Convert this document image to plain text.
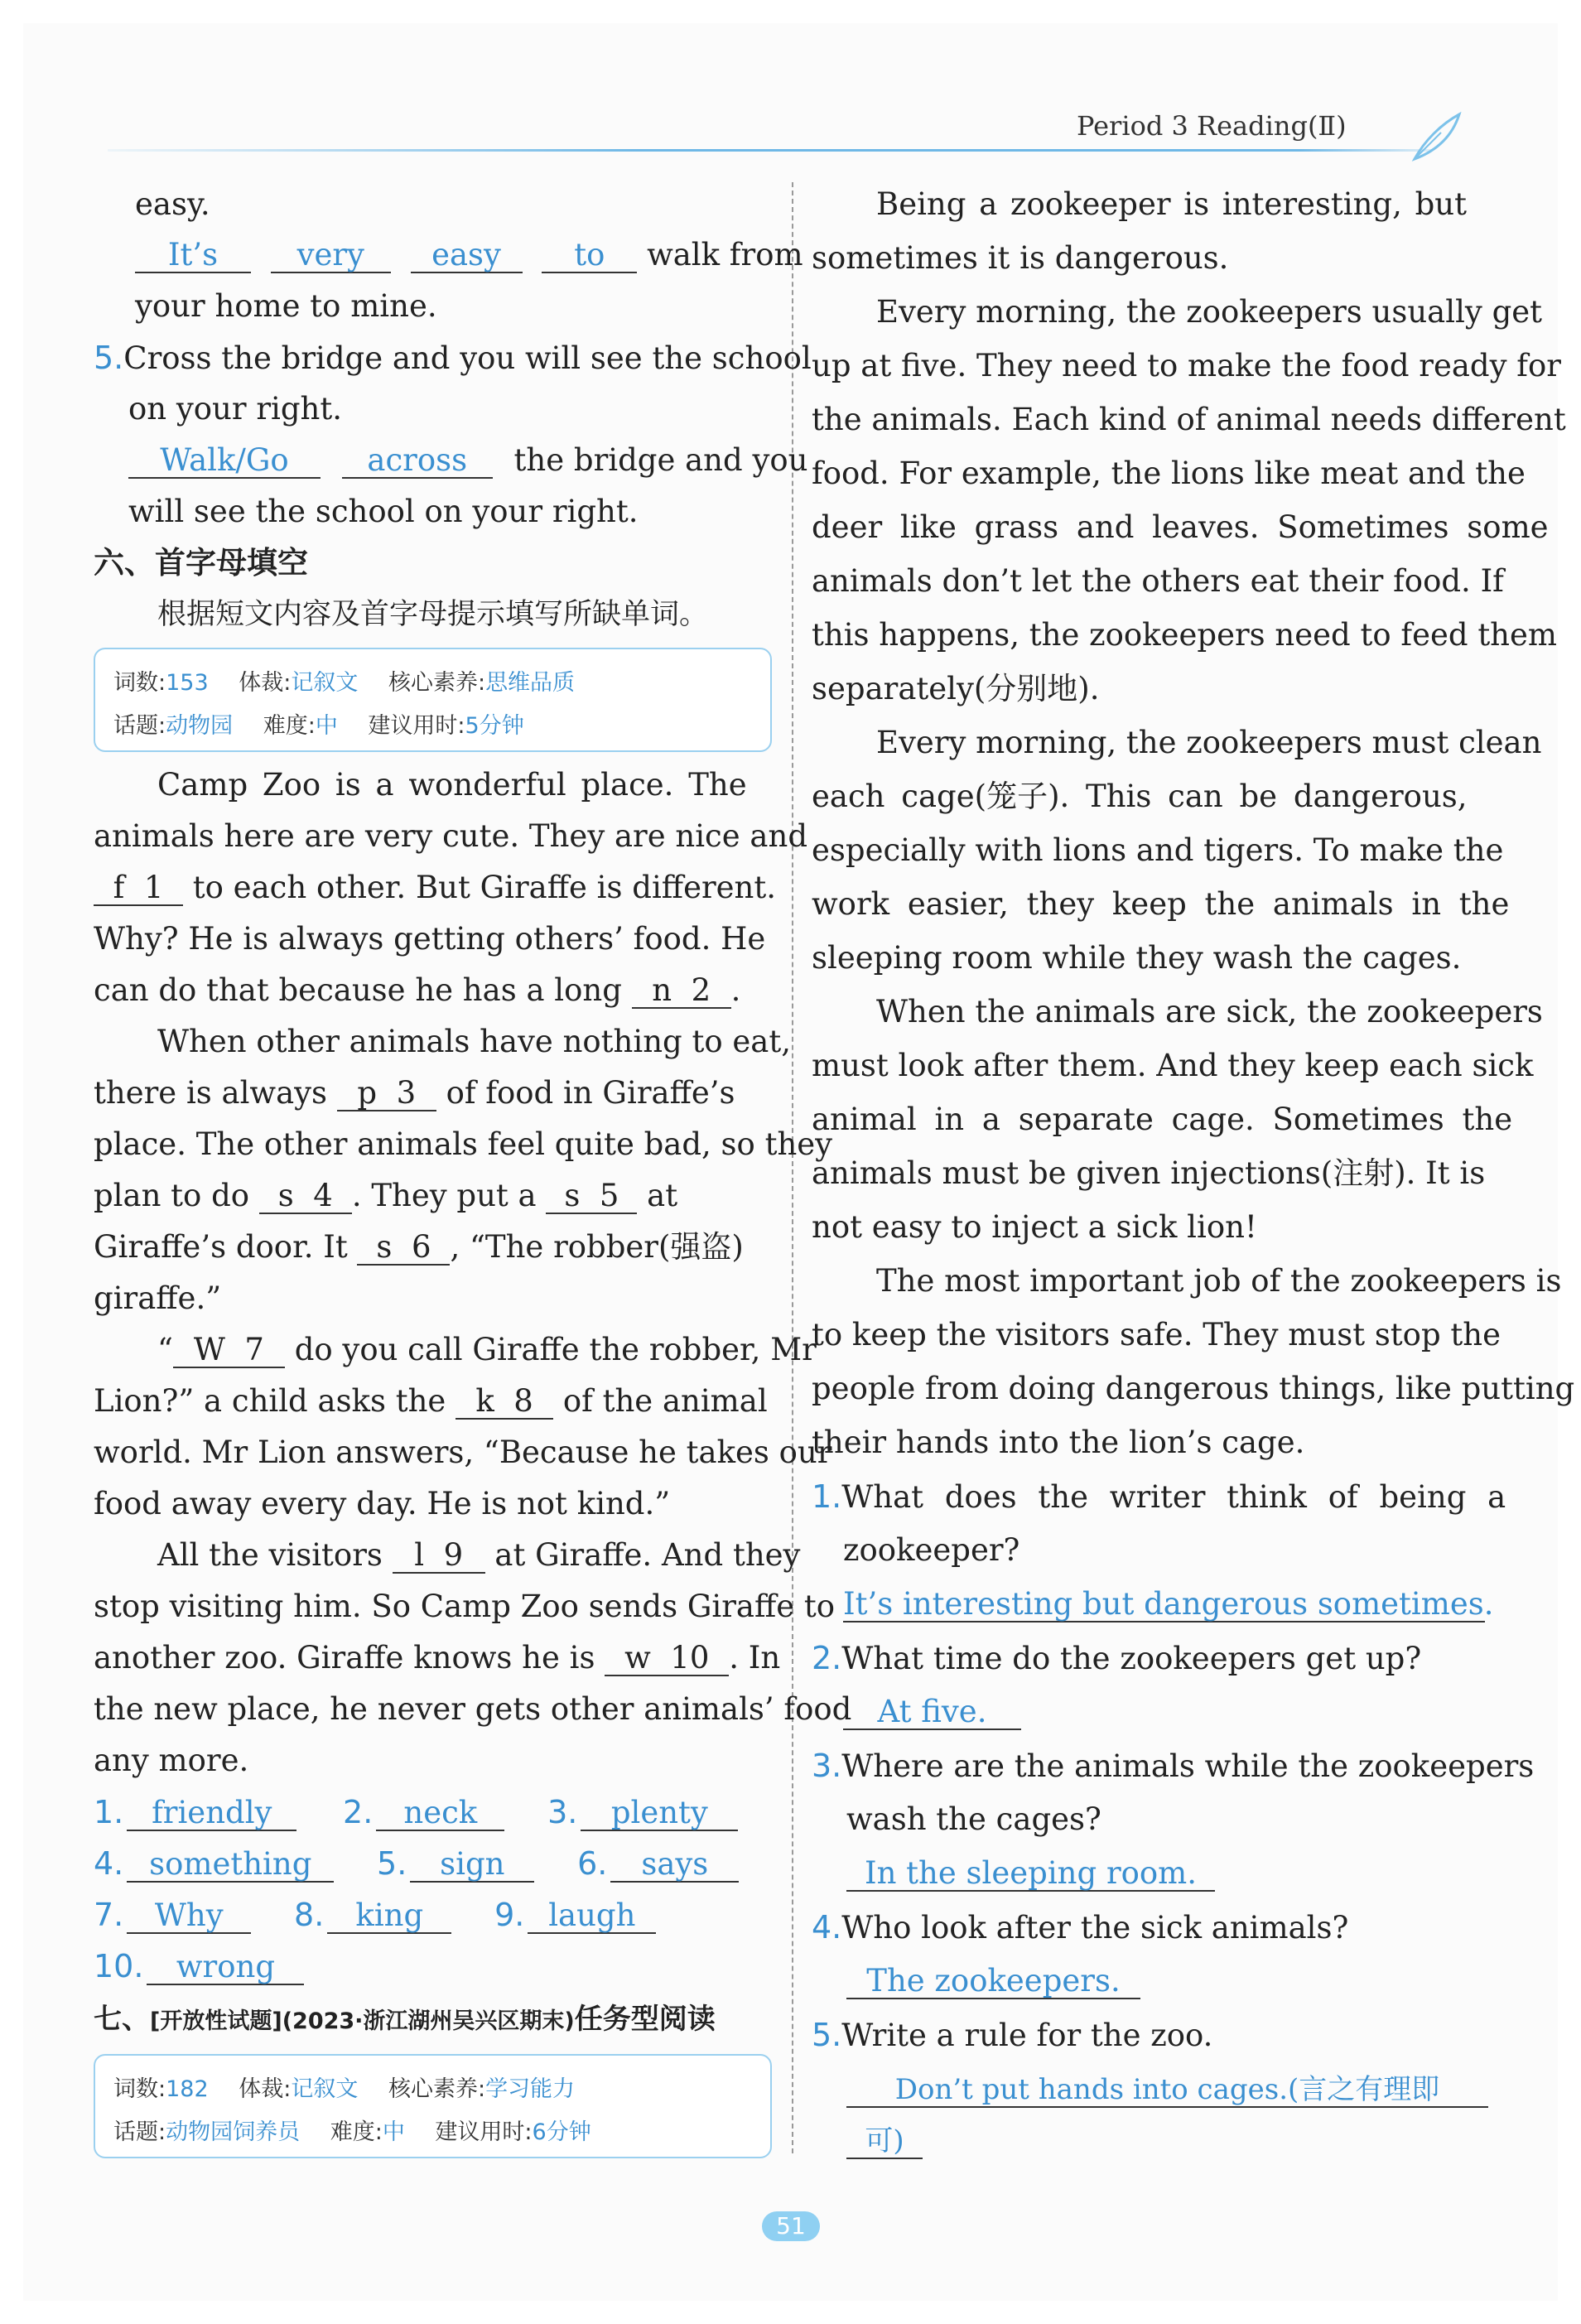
Period 3 Reading(Ⅱ)
easy.
It’s	very easy to walk from
your home to mine.
5.Cross the bridge and you will see the school
on your right.
Walk/Go	across the bridge and you
will see the school on your right.
六、首字母填空
根据短文内容及首字母提示填写所缺单词。
词数:153 体裁:记叙文 核心素养:思维品质
话题:动物园 难度:中 建议用时:5分钟
Camp Zoo is a wonderful place. The
animals here are very cute. They are nice and
f 1 to each other. But Giraffe is different.
Why? He is always getting others’ food. He
can do that because he has a long n 2 .
When other animals have nothing to eat,
there is always p 3 of food in Giraffe’s
place. The other animals feel quite bad, so they
plan to do s 4 . They put a s 5 at
Giraffe’s door. It s 6 , “The robber(强盗)
giraffe.”
“ W 7 do you call Giraffe the robber, Mr
Lion?” a child asks the k 8 of the animal
world. Mr Lion answers, “Because he takes our
food away every day. He is not kind.”
All the visitors l 9 at Giraffe. And they
stop visiting him. So Camp Zoo sends Giraffe to
another zoo. Giraffe knows he is w 10 . In
the new place, he never gets other animals’ food
any more.
1. friendly 2. neck 3. plenty
4. something 5. sign 6. says
7. Why 8. king 9. laugh
10. wrong
七、[开放性试题](2023·浙江湖州吴兴区期末)任务型阅读
词数:182 体裁:记叙文 核心素养:学习能力
话题:动物园饲养员 难度:中 建议用时:6分钟
Being a zookeeper is interesting, but
sometimes it is dangerous.
Every morning, the zookeepers usually get
up at five. They need to make the food ready for
the animals. Each kind of animal needs different
food. For example, the lions like meat and the
deer like grass and leaves. Sometimes some
animals don’t let the others eat their food. If
this happens, the zookeepers need to feed them
separately(分别地).
Every morning, the zookeepers must clean
each cage(笼子). This can be dangerous,
especially with lions and tigers. To make the
work easier, they keep the animals in the
sleeping room while they wash the cages.
When the animals are sick, the zookeepers
must look after them. And they keep each sick
animal in a separate cage. Sometimes the
animals must be given injections(注射). It is
not easy to inject a sick lion!
The most important job of the zookeepers is
to keep the visitors safe. They must stop the
people from doing dangerous things, like putting
their hands into the lion’s cage.
1.What does the writer think of being a
zookeeper?
It’s interesting but dangerous sometimes.
2.What time do the zookeepers get up?
At five.
3.Where are the animals while the zookeepers
wash the cages?
In the sleeping room.
4.Who look after the sick animals?
The zookeepers.
5.Write a rule for the zoo.
Don’t put hands into cages.(言之有理即
可)
51
